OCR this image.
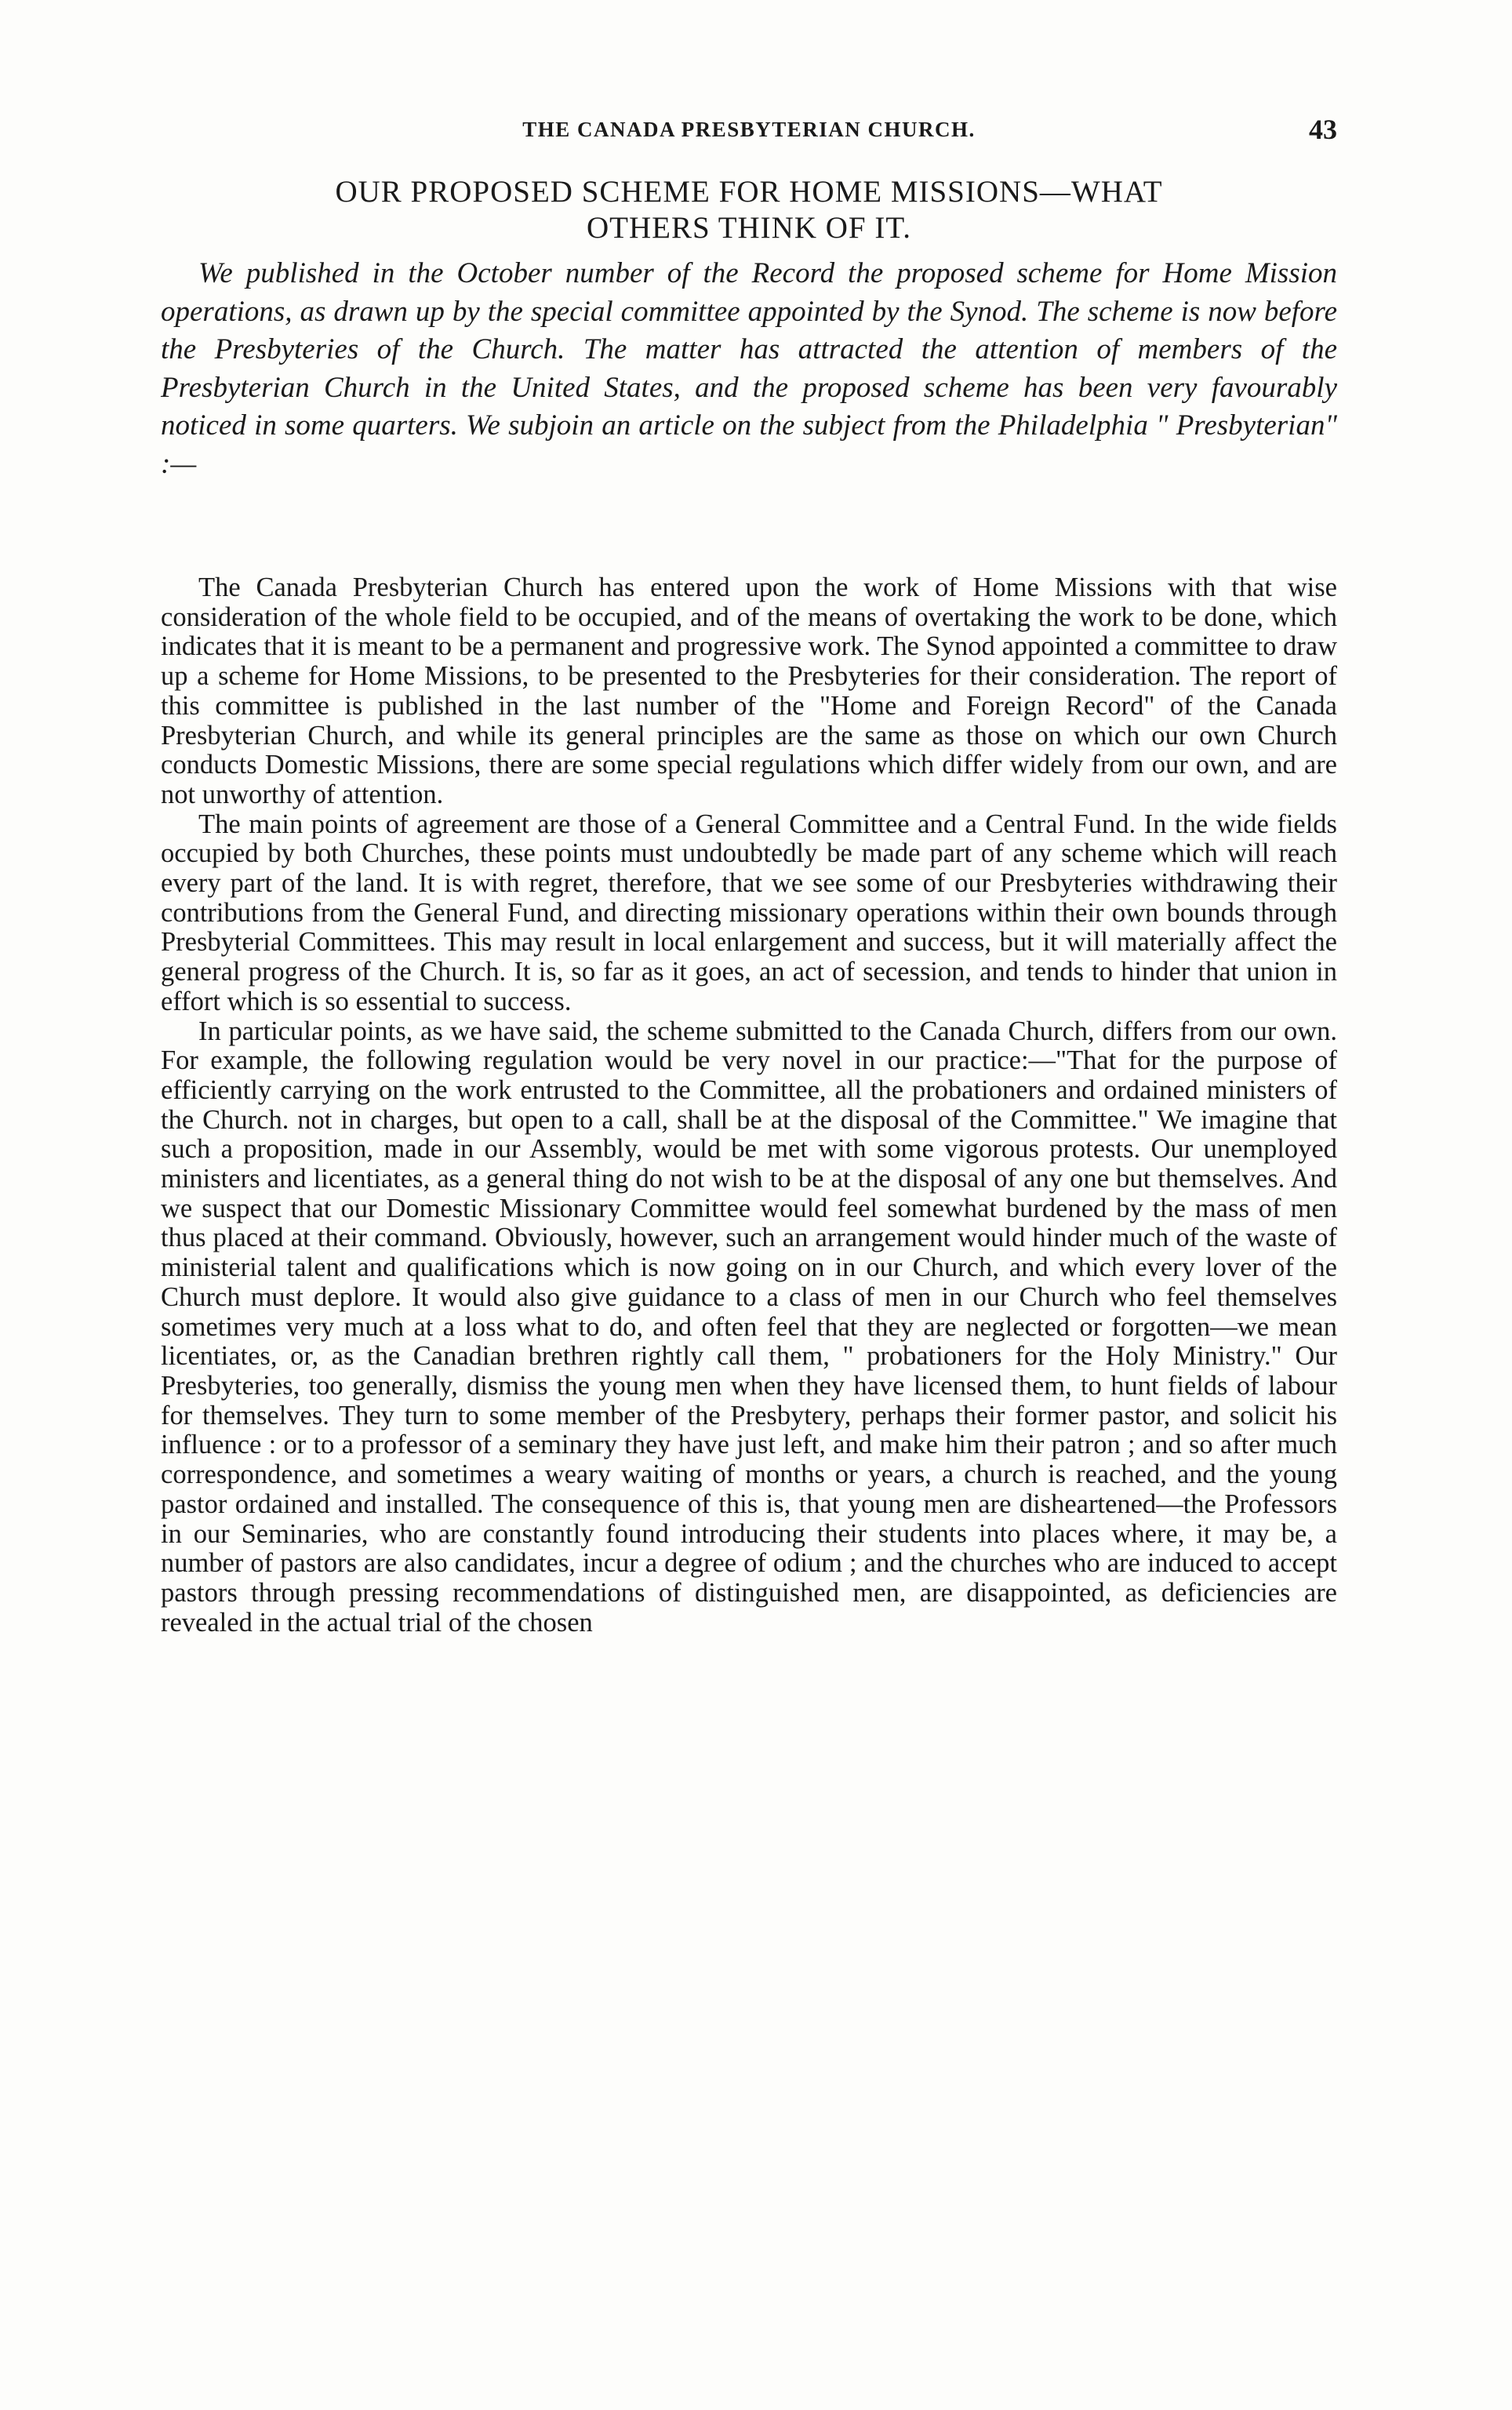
THE CANADA PRESBYTERIAN CHURCH.	43
OUR PROPOSED SCHEME FOR HOME MISSIONS—WHAT
OTHERS THINK OF IT.

We published in the October number of the Record the proposed scheme for Home Mission operations, as drawn up by the special committee appointed by the Synod. The scheme is now before the Presbyteries of the Church. The matter has attracted the attention of members of the Presbyterian Church in the United States, and the proposed scheme has been very favourably noticed in some quarters. We subjoin an article on the subject from the Philadelphia " Presbyterian" :—

The Canada Presbyterian Church has entered upon the work of Home Missions with that wise consideration of the whole field to be occupied, and of the means of overtaking the work to be done, which indicates that it is meant to be a permanent and progressive work. The Synod appointed a committee to draw up a scheme for Home Missions, to be presented to the Presbyteries for their consideration. The report of this committee is published in the last number of the "Home and Foreign Record" of the Canada Presbyterian Church, and while its general principles are the same as those on which our own Church conducts Domestic Missions, there are some special regulations which differ widely from our own, and are not unworthy of attention.

The main points of agreement are those of a General Committee and a Central Fund. In the wide fields occupied by both Churches, these points must undoubtedly be made part of any scheme which will reach every part of the land. It is with regret, therefore, that we see some of our Presbyteries withdrawing their contributions from the General Fund, and directing missionary operations within their own bounds through Presbyterial Committees. This may result in local enlargement and success, but it will materially affect the general progress of the Church. It is, so far as it goes, an act of secession, and tends to hinder that union in effort which is so essential to success.

In particular points, as we have said, the scheme submitted to the Canada Church, differs from our own. For example, the following regulation would be very novel in our practice:—"That for the purpose of efficiently carrying on the work entrusted to the Committee, all the probationers and ordained ministers of the Church. not in charges, but open to a call, shall be at the disposal of the Committee." We imagine that such a proposition, made in our Assembly, would be met with some vigorous protests. Our unemployed ministers and licentiates, as a general thing do not wish to be at the disposal of any one but themselves. And we suspect that our Domestic Missionary Committee would feel somewhat burdened by the mass of men thus placed at their command. Obviously, however, such an arrangement would hinder much of the waste of ministerial talent and qualifications which is now going on in our Church, and which every lover of the Church must deplore. It would also give guidance to a class of men in our Church who feel themselves sometimes very much at a loss what to do, and often feel that they are neglected or forgotten—we mean licentiates, or, as the Canadian brethren rightly call them, " probationers for the Holy Ministry." Our Presbyteries, too generally, dismiss the young men when they have licensed them, to hunt fields of labour for themselves. They turn to some member of the Presbytery, perhaps their former pastor, and solicit his influence : or to a professor of a seminary they have just left, and make him their patron ; and so after much correspondence, and sometimes a weary waiting of months or years, a church is reached, and the young pastor ordained and installed. The consequence of this is, that young men are disheartened—the Professors in our Seminaries, who are constantly found introducing their students into places where, it may be, a number of pastors are also candidates, incur a degree of odium ; and the churches who are induced to accept pastors through pressing recommendations of distinguished men, are disappointed, as deficiencies are revealed in the actual trial of the chosen
